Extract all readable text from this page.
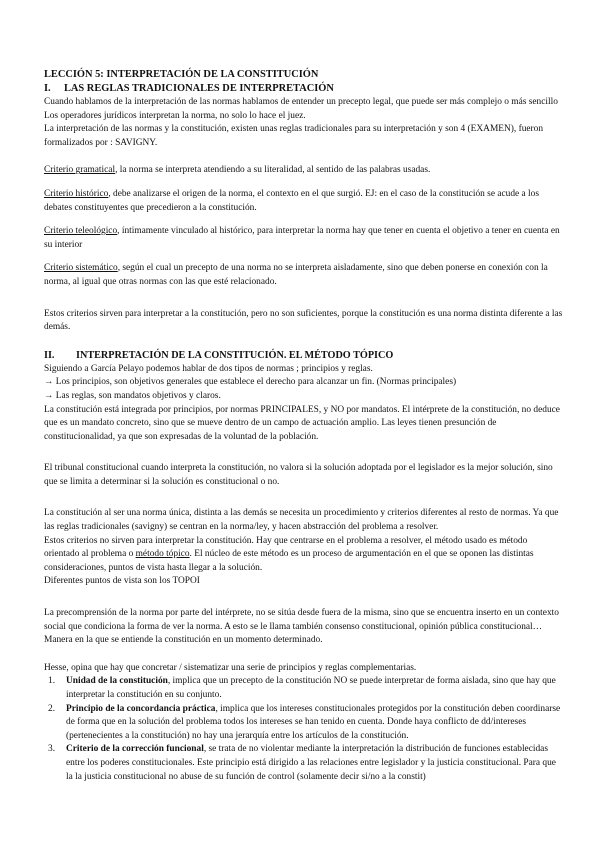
LECCIÓN 5: INTERPRETACIÓN DE LA CONSTITUCIÓN
I.	LAS REGLAS TRADICIONALES DE INTERPRETACIÓN

Cuando hablamos de la interpretación de las normas hablamos de entender un precepto legal, que puede ser más complejo o más sencillo Los operadores jurídicos interpretan la norma, no solo lo hace el juez.

La interpretación de las normas y la constitución, existen unas reglas tradicionales para su interpretación y son 4 (EXAMEN), fueron formalizados por : SAVIGNY.

Criterio gramatical, la norma se interpreta atendiendo a su literalidad, al sentido de las palabras usadas.

Criterio histórico, debe analizarse el origen de la norma, el contexto en el que surgió. EJ: en el caso de la constitución se acude a los debates constituyentes que precedieron a la constitución.

Criterio teleológico, íntimamente vinculado al histórico, para interpretar la norma hay que tener en cuenta el objetivo a tener en cuenta en su interior

Criterio sistemático, según el cual un precepto de una norma no se interpreta aisladamente, sino que deben ponerse en conexión con la norma, al igual que otras normas con las que esté relacionado.

Estos criterios sirven para interpretar a la constitución, pero no son suficientes, porque la constitución es una norma distinta diferente a las demás.

II.	INTERPRETACIÓN DE LA CONSTITUCIÓN. EL MÉTODO TÓPICO

Siguiendo a García Pelayo podemos hablar de dos tipos de normas ; principios y reglas.

→ Los principios, son objetivos generales que establece el derecho para alcanzar un fin. (Normas principales)

→ Las reglas, son mandatos objetivos y claros.

La constitución está integrada por principios, por normas PRINCIPALES, y NO por mandatos. El intérprete de la constitución, no deduce que es un mandato concreto, sino que se mueve dentro de un campo de actuación amplio. Las leyes tienen presunción de constitucionalidad, ya que son expresadas de la voluntad de la población.

El tribunal constitucional cuando interpreta la constitución, no valora si la solución adoptada por el legislador es la mejor solución, sino que se limita a determinar si la solución es constitucional o no.

La constitución al ser una norma única, distinta a las demás se necesita un procedimiento y criterios diferentes al resto de normas. Ya que las reglas tradicionales (savigny) se centran en la norma/ley, y hacen abstracción del problema a resolver.

Estos criterios no sirven para interpretar la constitución. Hay que centrarse en el problema a resolver, el método usado es método orientado al problema o método tópico. El núcleo de este método es un proceso de argumentación en el que se oponen las distintas consideraciones, puntos de vista hasta llegar a la solución.

Diferentes puntos de vista son los TOPOI

La precomprensión de la norma por parte del intérprete, no se sitúa desde fuera de la misma, sino que se encuentra inserto en un contexto social que condiciona la forma de ver la norma. A esto se le llama también consenso constitucional, opinión pública constitucional… Manera en la que se entiende la constitución en un momento determinado.

Hesse, opina que hay que concretar / sistematizar una serie de principios y reglas complementarias.

1.	Unidad de la constitución, implica que un precepto de la constitución NO se puede interpretar de forma aislada, sino que hay que interpretar la constitución en su conjunto.
2.	Principio de la concordancia práctica, implica que los intereses constitucionales protegidos por la constitución deben coordinarse de forma que en la solución del problema todos los intereses se han tenido en cuenta. Donde haya conflicto de dd/intereses (pertenecientes a la constitución) no hay una jerarquía entre los artículos de la constitución.
3.	Criterio de la corrección funcional, se trata de no violentar mediante la interpretación la distribución de funciones establecidas entre los poderes constitucionales. Este principio está dirigido a las relaciones entre legislador y la justicia constitucional. Para que la la justicia constitucional no abuse de su función de control (solamente decir si/no a la constit)
